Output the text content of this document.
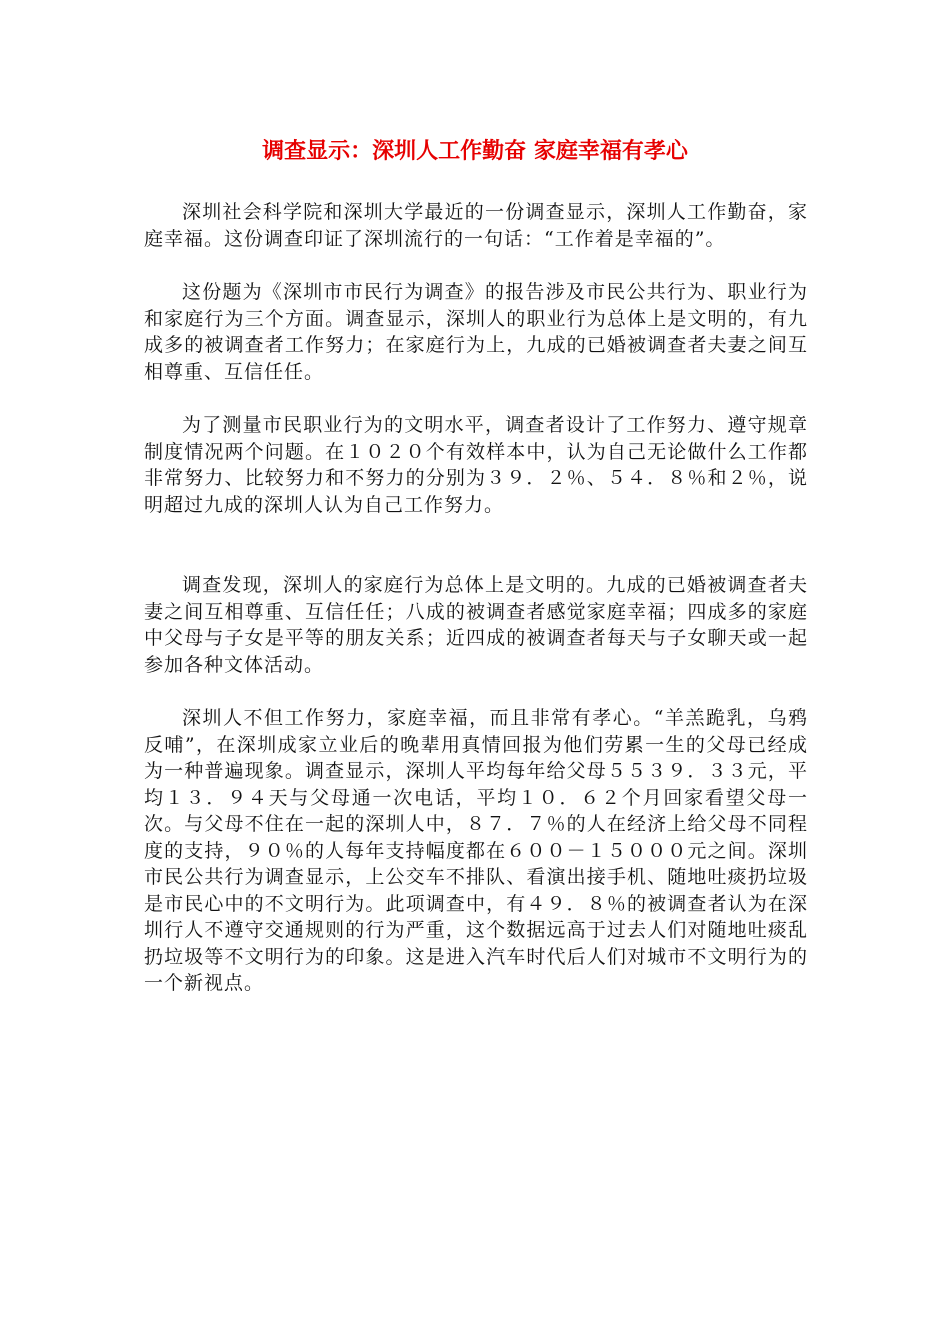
调查显示：深圳人工作勤奋 家庭幸福有孝心

深圳社会科学院和深圳大学最近的一份调查显示，深圳人工作勤奋，家庭幸福。这份调查印证了深圳流行的一句话：“工作着是幸福的”。

这份题为《深圳市市民行为调查》的报告涉及市民公共行为、职业行为和家庭行为三个方面。调查显示，深圳人的职业行为总体上是文明的，有九成多的被调查者工作努力；在家庭行为上，九成的已婚被调查者夫妻之间互相尊重、互信任任。

为了测量市民职业行为的文明水平，调查者设计了工作努力、遵守规章制度情况两个问题。在１０２０个有效样本中，认为自己无论做什么工作都非常努力、比较努力和不努力的分别为３９．２％、５４．８％和２％，说明超过九成的深圳人认为自己工作努力。

调查发现，深圳人的家庭行为总体上是文明的。九成的已婚被调查者夫妻之间互相尊重、互信任任；八成的被调查者感觉家庭幸福；四成多的家庭中父母与子女是平等的朋友关系；近四成的被调查者每天与子女聊天或一起参加各种文体活动。

深圳人不但工作努力，家庭幸福，而且非常有孝心。“羊羔跪乳，乌鸦反哺”，在深圳成家立业后的晚辈用真情回报为他们劳累一生的父母已经成为一种普遍现象。调查显示，深圳人平均每年给父母５５３９．３３元，平均１３．９４天与父母通一次电话，平均１０．６２个月回家看望父母一次。与父母不住在一起的深圳人中，８７．７％的人在经济上给父母不同程度的支持，９０％的人每年支持幅度都在６００－１５０００元之间。深圳市民公共行为调查显示，上公交车不排队、看演出接手机、随地吐痰扔垃圾是市民心中的不文明行为。此项调查中，有４９．８％的被调查者认为在深圳行人不遵守交通规则的行为严重，这个数据远高于过去人们对随地吐痰乱扔垃圾等不文明行为的印象。这是进入汽车时代后人们对城市不文明行为的一个新视点。
